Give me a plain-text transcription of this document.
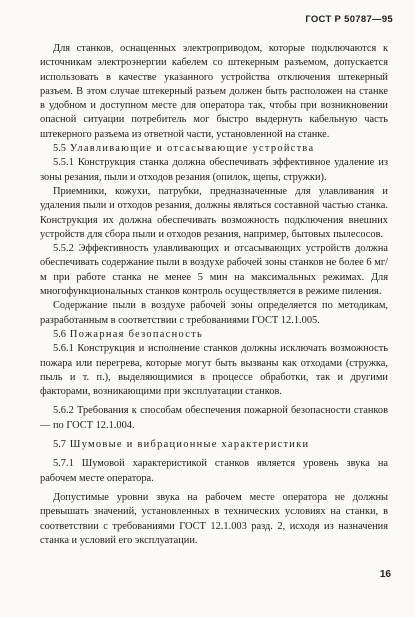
ГОСТ Р 50787—95

Для станков, оснащенных электроприводом, которые подключаются к источникам электроэнергии кабелем со штекерным разъемом, допускается использовать в качестве указанного устройства отключения штекерный разъем. В этом случае штекерный разъем должен быть расположен на станке в удобном и доступном месте для оператора так, чтобы при возникновении опасной ситуации потребитель мог быстро выдернуть кабельную часть штекерного разъема из ответной части, установленной на станке.

5.5 Улавливающие и отсасывающие устройства

5.5.1 Конструкция станка должна обеспечивать эффективное удаление из зоны резания, пыли и отходов резания (опилок, щепы, стружки).

Приемники, кожухи, патрубки, предназначенные для улавливания и удаления пыли и отходов резания, должны являться составной частью станка. Конструкция их должна обеспечивать возможность подключения внешних устройств для сбора пыли и отходов резания, например, бытовых пылесосов.

5.5.2 Эффективность улавливающих и отсасывающих устройств должна обеспечивать содержание пыли в воздухе рабочей зоны станков не более 6 мг/м при работе станка не менее 5 мин на максимальных режимах. Для многофункциональных станков контроль осуществляется в режиме пиления.

Содержание пыли в воздухе рабочей зоны определяется по методикам, разработанным в соответствии с требованиями ГОСТ 12.1.005.

5.6 Пожарная безопасность

5.6.1 Конструкция и исполнение станков должны исключать возможность пожара или перегрева, которые могут быть вызваны как отходами (стружка, пыль и т. п.), выделяющимися в процессе обработки, так и другими факторами, возникающими при эксплуатации станков.

5.6.2 Требования к способам обеспечения пожарной безопасности станков — по ГОСТ 12.1.004.

5.7 Шумовые и вибрационные характеристики

5.7.1 Шумовой характеристикой станков является уровень звука на рабочем месте оператора.

Допустимые уровни звука на рабочем месте оператора не должны превышать значений, установленных в технических условиях на станки, в соответствии с требованиями ГОСТ 12.1.003 разд. 2, исходя из назначения станка и условий его эксплуатации.

16
